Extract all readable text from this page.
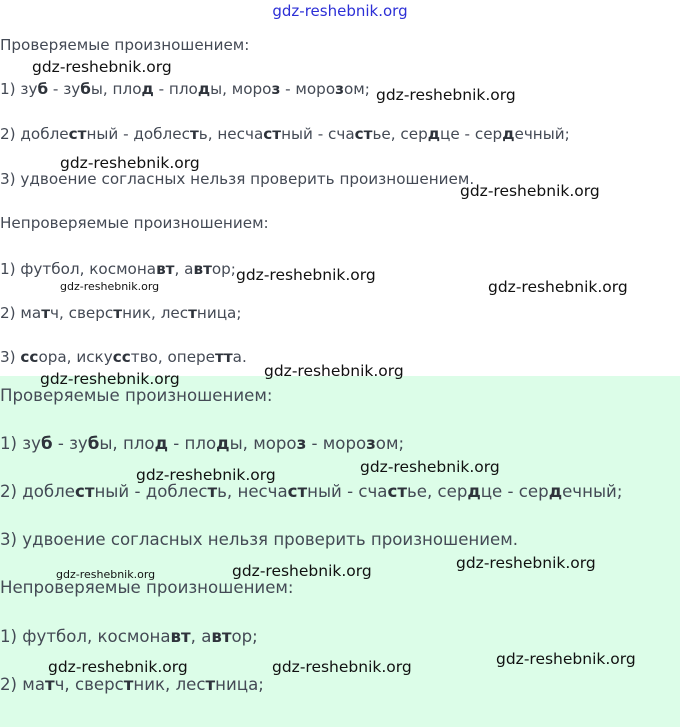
gdz-reshebnik.org
Проверяемые произношением:
1) зуб - зубы, плод - плоды, мороз - морозом;
2) доблестный - доблесть, несчастный - счастье, сердце - сердечный;
3) удвоение согласных нельзя проверить произношением.
Непроверяемые произношением:
1) футбол, космонавт, автор;
2) матч, сверстник, лестница;
3) ссора, искусство, оперетта.
Проверяемые произношением:
1) зуб - зубы, плод - плоды, мороз - морозом;
2) доблестный - доблесть, несчастный - счастье, сердце - сердечный;
3) удвоение согласных нельзя проверить произношением.
Непроверяемые произношением:
1) футбол, космонавт, автор;
2) матч, сверстник, лестница;
gdz-reshebnik.org
gdz-reshebnik.org
gdz-reshebnik.org
gdz-reshebnik.org
gdz-reshebnik.org
gdz-reshebnik.org	gdz-reshebnik.org
gdz-reshebnik.org
gdz-reshebnik.org
gdz-reshebnik.org	gdz-reshebnik.org
gdz-reshebnik.org	gdz-reshebnik.org	gdz-reshebnik.org
gdz-reshebnik.org	gdz-reshebnik.org	gdz-reshebnik.org
